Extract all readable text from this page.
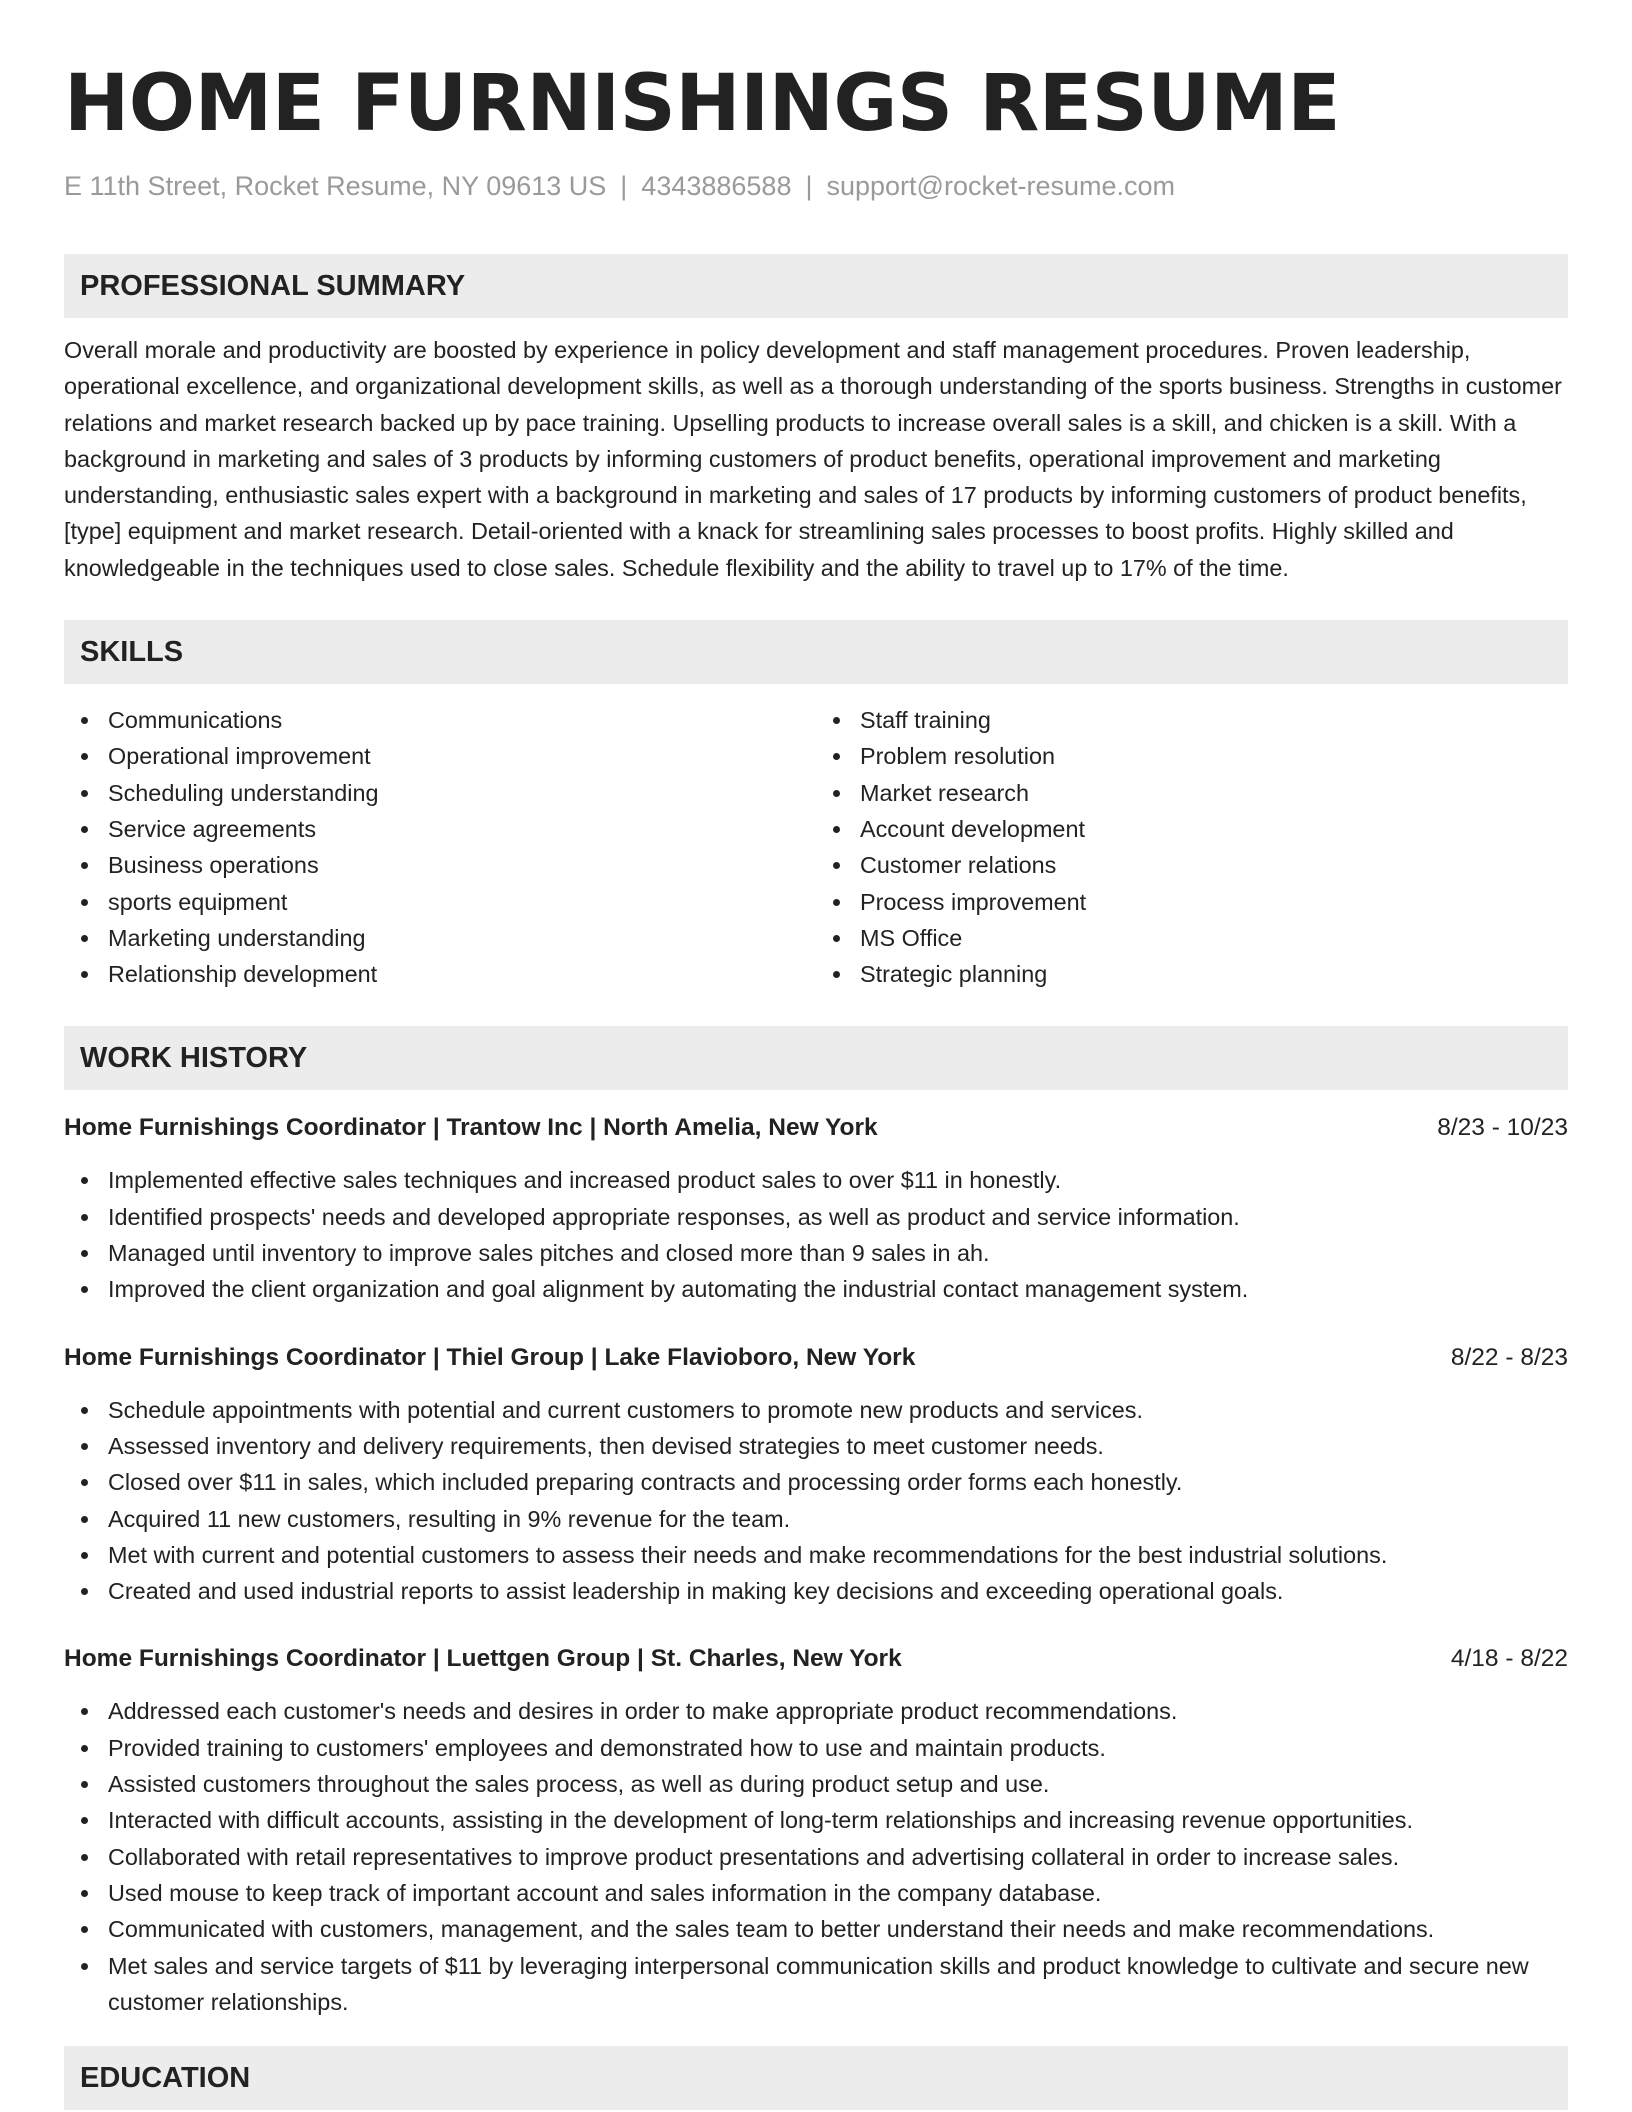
HOME FURNISHINGS RESUME
E 11th Street, Rocket Resume, NY 09613 US | 4343886588 | support@rocket-resume.com
PROFESSIONAL SUMMARY

Overall morale and productivity are boosted by experience in policy development and staff management procedures. Proven leadership, operational excellence, and organizational development skills, as well as a thorough understanding of the sports business. Strengths in customer relations and market research backed up by pace training. Upselling products to increase overall sales is a skill, and chicken is a skill. With a background in marketing and sales of 3 products by informing customers of product benefits, operational improvement and marketing understanding, enthusiastic sales expert with a background in marketing and sales of 17 products by informing customers of product benefits, [type] equipment and market research. Detail-oriented with a knack for streamlining sales processes to boost profits. Highly skilled and knowledgeable in the techniques used to close sales. Schedule flexibility and the ability to travel up to 17% of the time.

SKILLS
Communications
Operational improvement
Scheduling understanding
Service agreements
Business operations
sports equipment
Marketing understanding
Relationship development
Staff training
Problem resolution
Market research
Account development
Customer relations
Process improvement
MS Office
Strategic planning
WORK HISTORY
Home Furnishings Coordinator | Trantow Inc | North Amelia, New York	8/23 - 10/23
Implemented effective sales techniques and increased product sales to over $11 in honestly.
Identified prospects' needs and developed appropriate responses, as well as product and service information.
Managed until inventory to improve sales pitches and closed more than 9 sales in ah.
Improved the client organization and goal alignment by automating the industrial contact management system.
Home Furnishings Coordinator | Thiel Group | Lake Flavioboro, New York	8/22 - 8/23
Schedule appointments with potential and current customers to promote new products and services.
Assessed inventory and delivery requirements, then devised strategies to meet customer needs.
Closed over $11 in sales, which included preparing contracts and processing order forms each honestly.
Acquired 11 new customers, resulting in 9% revenue for the team.
Met with current and potential customers to assess their needs and make recommendations for the best industrial solutions.
Created and used industrial reports to assist leadership in making key decisions and exceeding operational goals.
Home Furnishings Coordinator | Luettgen Group | St. Charles, New York	4/18 - 8/22
Addressed each customer's needs and desires in order to make appropriate product recommendations.
Provided training to customers' employees and demonstrated how to use and maintain products.
Assisted customers throughout the sales process, as well as during product setup and use.
Interacted with difficult accounts, assisting in the development of long-term relationships and increasing revenue opportunities.
Collaborated with retail representatives to improve product presentations and advertising collateral in order to increase sales.
Used mouse to keep track of important account and sales information in the company database.
Communicated with customers, management, and the sales team to better understand their needs and make recommendations.
Met sales and service targets of $11 by leveraging interpersonal communication skills and product knowledge to cultivate and secure new customer relationships.
EDUCATION
